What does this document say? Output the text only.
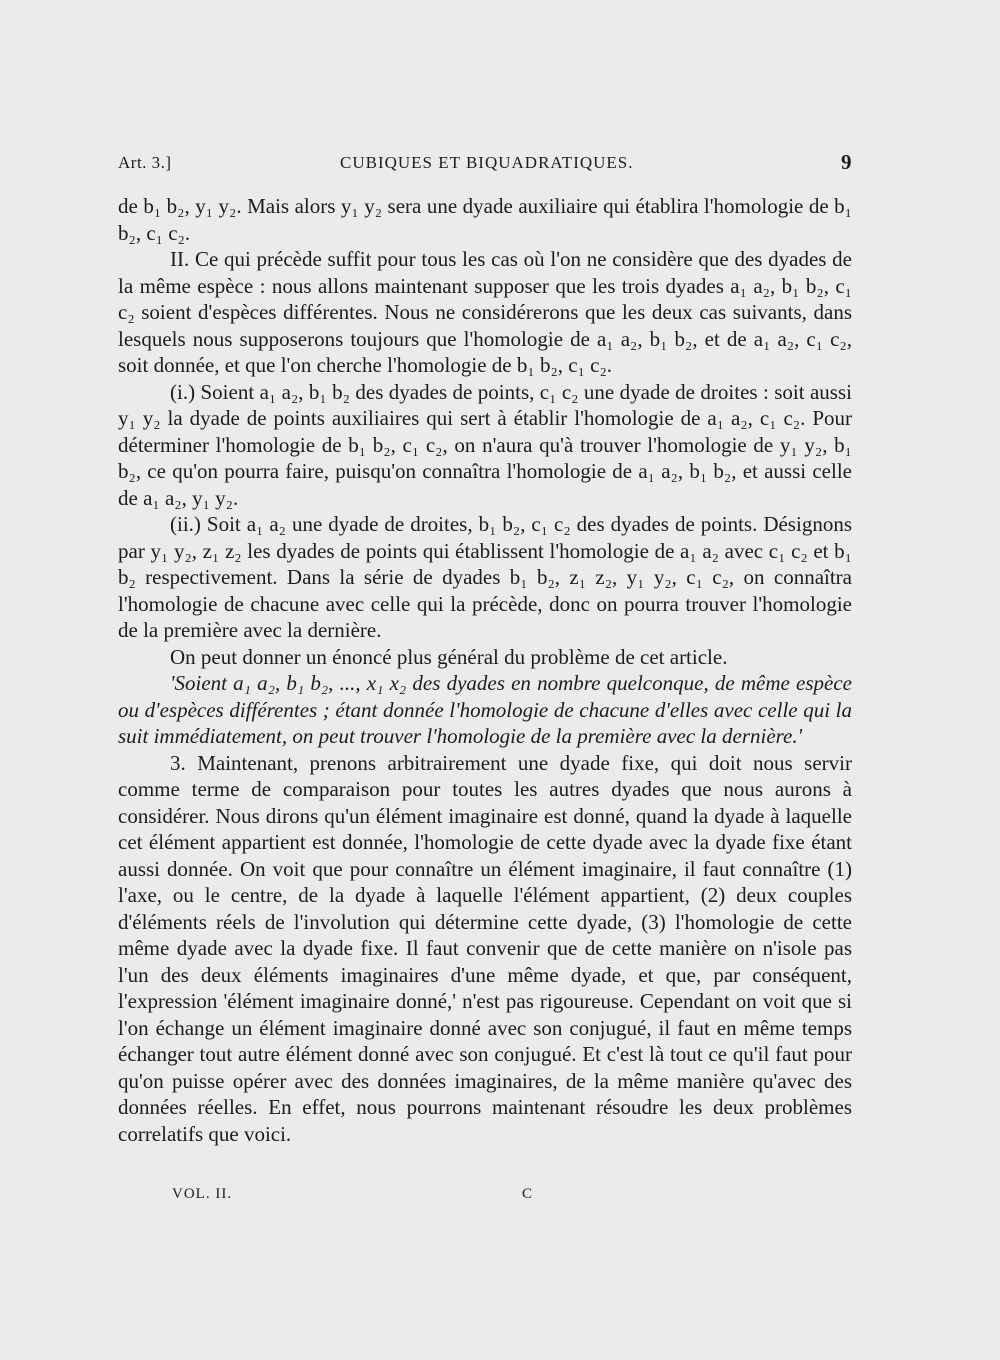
Art. 3.]	CUBIQUES ET BIQUADRATIQUES.	9

de b₁ b₂, y₁ y₂. Mais alors y₁ y₂ sera une dyade auxiliaire qui établira l'homologie de b₁ b₂, c₁ c₂.

II. Ce qui précède suffit pour tous les cas où l'on ne considère que des dyades de la même espèce : nous allons maintenant supposer que les trois dyades a₁ a₂, b₁ b₂, c₁ c₂ soient d'espèces différentes. Nous ne considérerons que les deux cas suivants, dans lesquels nous supposerons toujours que l'homologie de a₁ a₂, b₁ b₂, et de a₁ a₂, c₁ c₂, soit donnée, et que l'on cherche l'homologie de b₁ b₂, c₁ c₂.

(i.) Soient a₁ a₂, b₁ b₂ des dyades de points, c₁ c₂ une dyade de droites : soit aussi y₁ y₂ la dyade de points auxiliaires qui sert à établir l'homologie de a₁ a₂, c₁ c₂. Pour déterminer l'homologie de b₁ b₂, c₁ c₂, on n'aura qu'à trouver l'homologie de y₁ y₂, b₁ b₂, ce qu'on pourra faire, puisqu'on connaîtra l'homologie de a₁ a₂, b₁ b₂, et aussi celle de a₁ a₂, y₁ y₂.

(ii.) Soit a₁ a₂ une dyade de droites, b₁ b₂, c₁ c₂ des dyades de points. Désignons par y₁ y₂, z₁ z₂ les dyades de points qui établissent l'homologie de a₁ a₂ avec c₁ c₂ et b₁ b₂ respectivement. Dans la série de dyades b₁ b₂, z₁ z₂, y₁ y₂, c₁ c₂, on connaîtra l'homologie de chacune avec celle qui la précède, donc on pourra trouver l'homologie de la première avec la dernière.

On peut donner un énoncé plus général du problème de cet article.

'Soient a₁ a₂, b₁ b₂, ..., x₁ x₂ des dyades en nombre quelconque, de même espèce ou d'espèces différentes ; étant donnée l'homologie de chacune d'elles avec celle qui la suit immédiatement, on peut trouver l'homologie de la première avec la dernière.'

3. Maintenant, prenons arbitrairement une dyade fixe, qui doit nous servir comme terme de comparaison pour toutes les autres dyades que nous aurons à considérer. Nous dirons qu'un élément imaginaire est donné, quand la dyade à laquelle cet élément appartient est donnée, l'homologie de cette dyade avec la dyade fixe étant aussi donnée. On voit que pour connaître un élément imaginaire, il faut connaître (1) l'axe, ou le centre, de la dyade à laquelle l'élément appartient, (2) deux couples d'éléments réels de l'involution qui détermine cette dyade, (3) l'homologie de cette même dyade avec la dyade fixe. Il faut convenir que de cette manière on n'isole pas l'un des deux éléments imaginaires d'une même dyade, et que, par conséquent, l'expression 'élément imaginaire donné,' n'est pas rigoureuse. Cependant on voit que si l'on échange un élément imaginaire donné avec son conjugué, il faut en même temps échanger tout autre élément donné avec son conjugué. Et c'est là tout ce qu'il faut pour qu'on puisse opérer avec des données imaginaires, de la même manière qu'avec des données réelles. En effet, nous pourrons maintenant résoudre les deux problèmes correlatifs que voici.

VOL. II.	C
